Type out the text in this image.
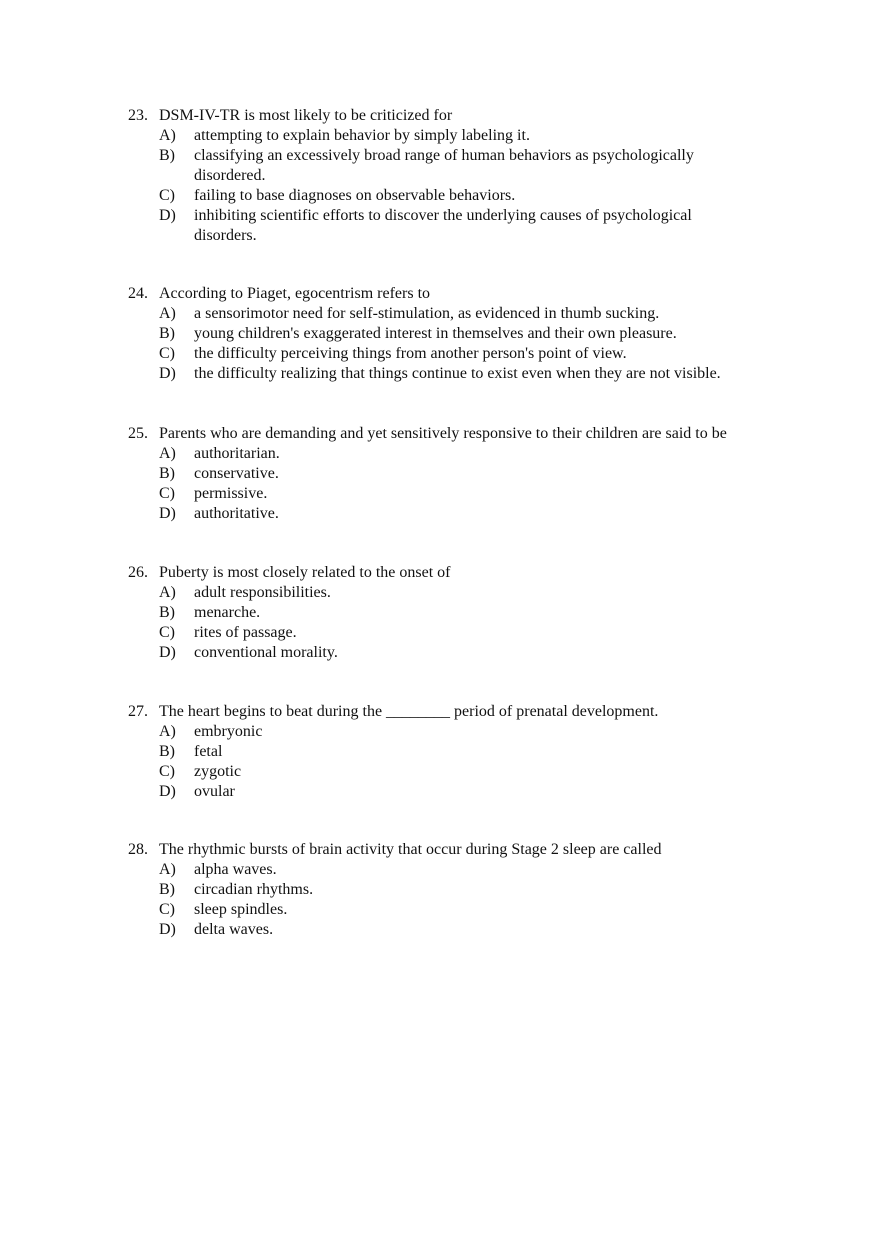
23. DSM-IV-TR is most likely to be criticized for
A)	attempting to explain behavior by simply labeling it.
B)	classifying an excessively broad range of human behaviors as psychologically disordered.
C)	failing to base diagnoses on observable behaviors.
D)	inhibiting scientific efforts to discover the underlying causes of psychological disorders.
24. According to Piaget, egocentrism refers to
A)	a sensorimotor need for self-stimulation, as evidenced in thumb sucking.
B)	young children's exaggerated interest in themselves and their own pleasure.
C)	the difficulty perceiving things from another person's point of view.
D)	the difficulty realizing that things continue to exist even when they are not visible.
25. Parents who are demanding and yet sensitively responsive to their children are said to be
A)	authoritarian.
B)	conservative.
C)	permissive.
D)	authoritative.
26. Puberty is most closely related to the onset of
A)	adult responsibilities.
B)	menarche.
C)	rites of passage.
D)	conventional morality.
27. The heart begins to beat during the ________ period of prenatal development.
A)	embryonic
B)	fetal
C)	zygotic
D)	ovular
28. The rhythmic bursts of brain activity that occur during Stage 2 sleep are called
A)	alpha waves.
B)	circadian rhythms.
C)	sleep spindles.
D)	delta waves.
